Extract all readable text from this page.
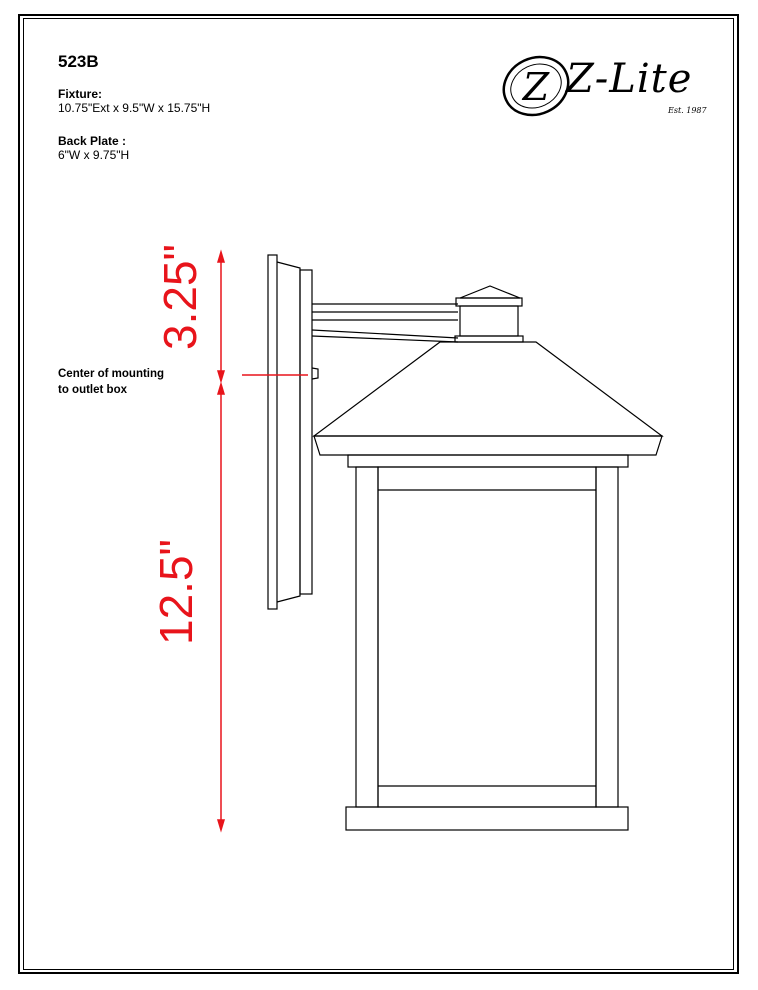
523B
Fixture:
10.75"Ext x 9.5"W x 15.75"H
Back Plate :
6"W x 9.75"H
Center of mounting
to outlet box
Z Z-Lite
Est. 1987
3.25"
12.5"
